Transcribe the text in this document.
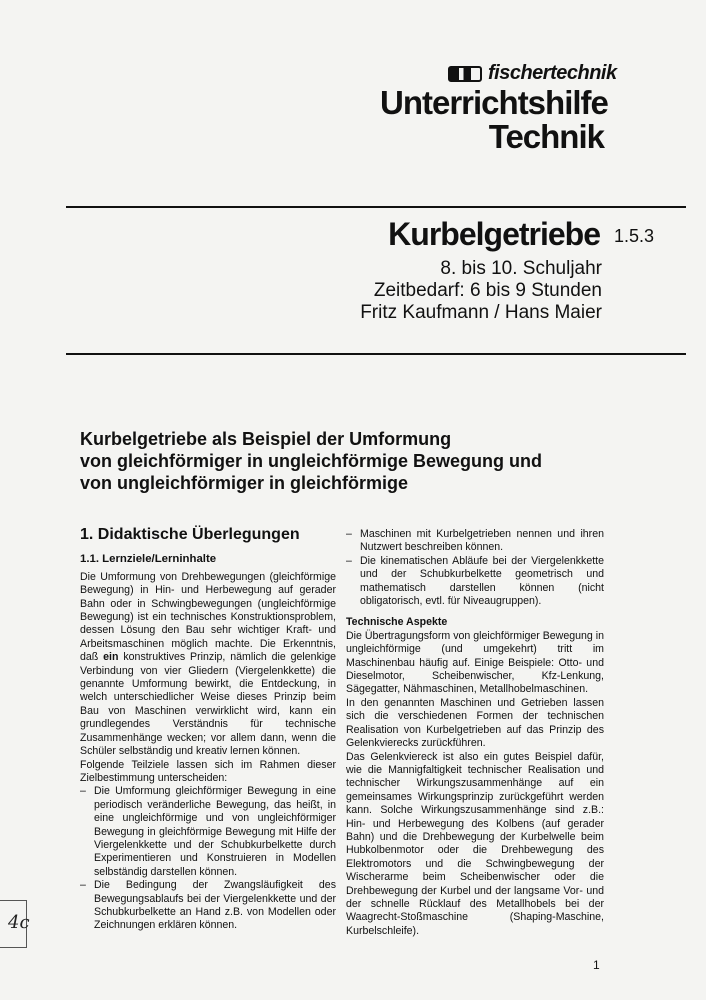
fischertechnik
Unterrichtshilfe
Technik
Kurbelgetriebe 1.5.3
8. bis 10. Schuljahr
Zeitbedarf: 6 bis 9 Stunden
Fritz Kaufmann / Hans Maier
Kurbelgetriebe als Beispiel der Umformung
von gleichförmiger in ungleichförmige Bewegung und
von ungleichförmiger in gleichförmige
1. Didaktische Überlegungen
1.1. Lernziele/Lerninhalte

Die Umformung von Drehbewegungen (gleichförmige Bewegung) in Hin- und Herbewegung auf gerader Bahn oder in Schwingbewegungen (ungleichförmige Bewegung) ist ein technisches Konstruktionsproblem, dessen Lösung den Bau sehr wichtiger Kraft- und Arbeitsmaschinen möglich machte. Die Erkenntnis, daß ein konstruktives Prinzip, nämlich die gelenkige Verbindung von vier Gliedern (Viergelenkkette) die genannte Umformung bewirkt, die Entdeckung, in welch unterschiedlicher Weise dieses Prinzip beim Bau von Maschinen verwirklicht wird, kann ein grundlegendes Verständnis für technische Zusammenhänge wecken; vor allem dann, wenn die Schüler selbständig und kreativ lernen können.

Folgende Teilziele lassen sich im Rahmen dieser Zielbestimmung unterscheiden:

– Die Umformung gleichförmiger Bewegung in eine periodisch veränderliche Bewegung, das heißt, in eine ungleichförmige und von ungleichförmiger Bewegung in gleichförmige Bewegung mit Hilfe der Viergelenkkette und der Schubkurbelkette durch Experimentieren und Konstruieren in Modellen selbständig darstellen können.
– Die Bedingung der Zwangsläufigkeit des Bewegungsablaufs bei der Viergelenkkette und der Schubkurbelkette an Hand z.B. von Modellen oder Zeichnungen erklären können.
– Maschinen mit Kurbelgetrieben nennen und ihren Nutzwert beschreiben können.
– Die kinematischen Abläufe bei der Viergelenkkette und der Schubkurbelkette geometrisch und mathematisch darstellen können (nicht obligatorisch, evtl. für Niveaugruppen).
Technische Aspekte

Die Übertragungsform von gleichförmiger Bewegung in ungleichförmige (und umgekehrt) tritt im Maschinenbau häufig auf. Einige Beispiele: Otto- und Dieselmotor, Scheibenwischer, Kfz-Lenkung, Sägegatter, Nähmaschinen, Metallhobelmaschinen.

In den genannten Maschinen und Getrieben lassen sich die verschiedenen Formen der technischen Realisation von Kurbelgetrieben auf das Prinzip des Gelenkvierecks zurückführen.

Das Gelenkviereck ist also ein gutes Beispiel dafür, wie die Mannigfaltigkeit technischer Realisation und technischer Wirkungszusammenhänge auf ein gemeinsames Wirkungsprinzip zurückgeführt werden kann. Solche Wirkungszusammenhänge sind z.B.: Hin- und Herbewegung des Kolbens (auf gerader Bahn) und die Drehbewegung der Kurbelwelle beim Hubkolbenmotor oder die Drehbewegung des Elektromotors und die Schwingbewegung der Wischerarme beim Scheibenwischer oder die Drehbewegung der Kurbel und der langsame Vor- und der schnelle Rücklauf des Metallhobels bei der Waagrecht-Stoßmaschine (Shaping-Maschine, Kurbelschleife).

4c
1
